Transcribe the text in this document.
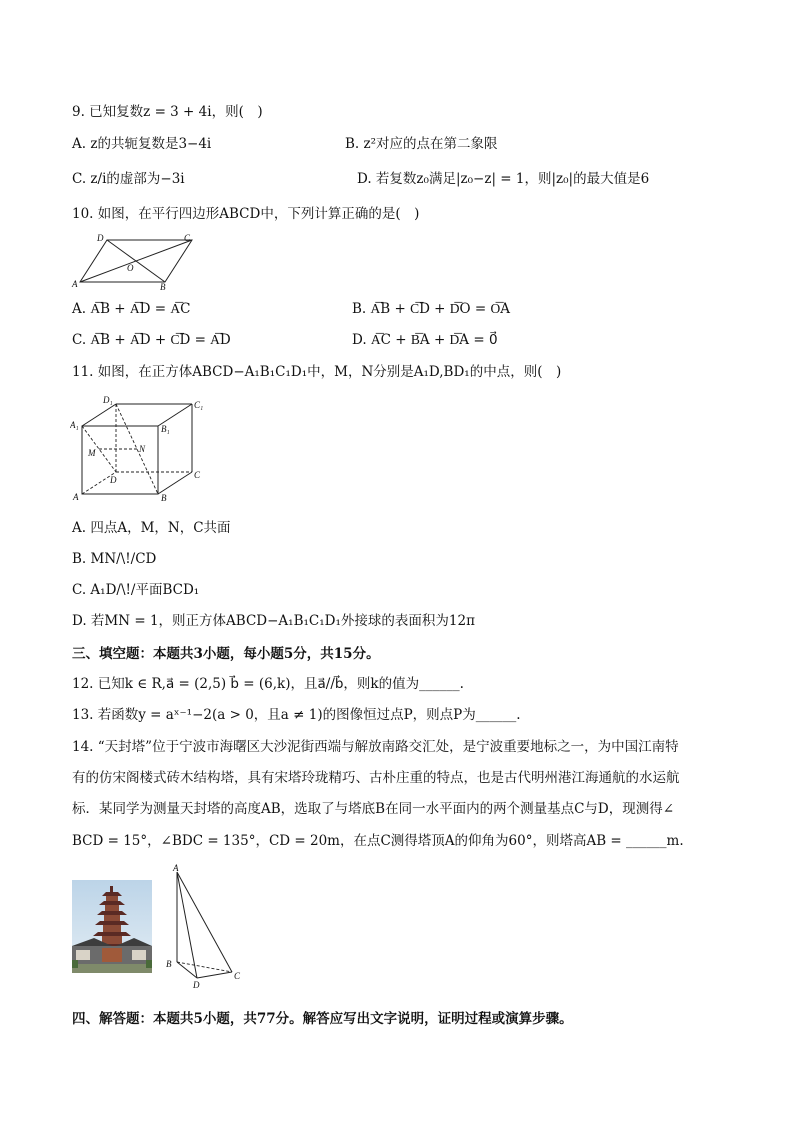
9. 已知复数z = 3 + 4i，则(　)
A. z的共轭复数是3−4i	B. z²对应的点在第二象限
C. z/i的虚部为−3i	D. 若复数z₀满足|z₀−z| = 1，则|z₀|的最大值是6
10. 如图，在平行四边形ABCD中，下列计算正确的是(　)
A	B
C
D
O
A. A͞B + A͞D = A͞C	B. A͞B + C͞D + D͞O = O͞A
C. A͞B + A͞D + C͞D = A͞D	D. A͞C + B͞A + D͞A = 0⃗
11. 如图，在正方体ABCD−A₁B₁C₁D₁中，M，N分别是A₁D,BD₁的中点，则(　)
A	B
C
D
A₁	B₁
C₁
D₁
M	N
A. 四点A，M，N，C共面
B. MN/\!/CD
C. A₁D/\!/平面BCD₁
D. 若MN = 1，则正方体ABCD−A₁B₁C₁D₁外接球的表面积为12π
三、填空题：本题共3小题，每小题5分，共15分。
12. 已知k ∈ R,a⃗ = (2,5) b⃗ = (6,k)，且a⃗//b⃗，则k的值为______.
13. 若函数y = aˣ⁻¹−2(a > 0，且a ≠ 1)的图像恒过点P，则点P为______.
14. “天封塔”位于宁波市海曙区大沙泥街西端与解放南路交汇处，是宁波重要地标之一，为中国江南特
有的仿宋阁楼式砖木结构塔，具有宋塔玲珑精巧、古朴庄重的特点，也是古代明州港江海通航的水运航
标．某同学为测量天封塔的高度AB，选取了与塔底B在同一水平面内的两个测量基点C与D，现测得∠
BCD = 15°，∠BDC = 135°，CD = 20m，在点C测得塔顶A的仰角为60°，则塔高AB = ______m.
A
B
C
D
四、解答题：本题共5小题，共77分。解答应写出文字说明，证明过程或演算步骤。
